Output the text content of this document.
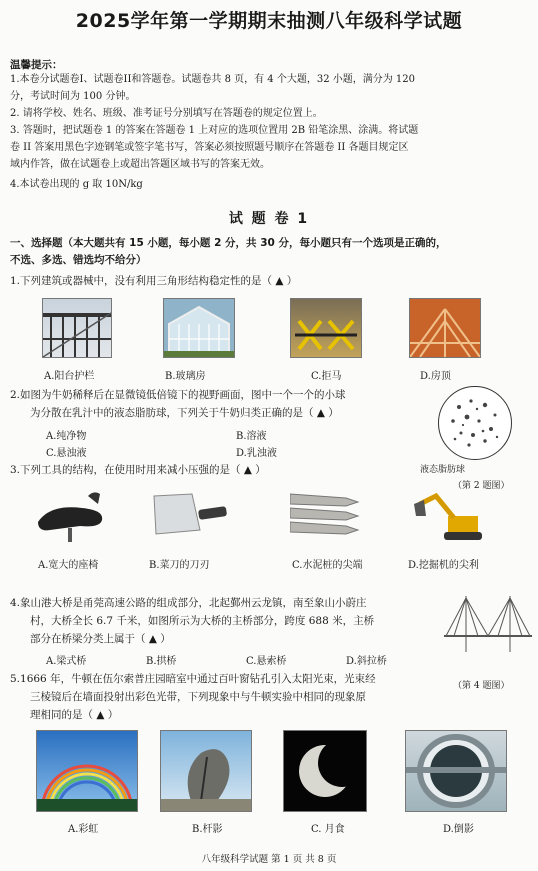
2025学年第一学期期末抽测八年级科学试题
温馨提示：
1.本卷分试题卷I、试题卷II和答题卷。试题卷共 8 页，有 4 个大题，32 小题，满分为 120
分，考试时间为 100 分钟。
2. 请将学校、姓名、班级、准考证号分别填写在答题卷的规定位置上。
3. 答题时，把试题卷 1 的答案在答题卷 1 上对应的选项位置用 2B 铅笔涂黑、涂满。将试题
卷 II 答案用黑色字迹钢笔或签字笔书写，答案必须按照题号顺序在答题卷 II 各题目规定区
域内作答，做在试题卷上或超出答题区域书写的答案无效。
4.本试卷出现的 g 取 10N/kg
试 题 卷 1
一、选择题（本大题共有 15 小题，每小题 2 分，共 30 分，每小题只有一个选项是正确的，
不选、多选、错选均不给分）
1.下列建筑或器械中，没有利用三角形结构稳定性的是（ ▲ ）
A.阳台护栏	B.玻璃房	C.拒马	D.房顶
2.如图为牛奶稀释后在显微镜低倍镜下的视野画面，图中一个一个的小球
为分散在乳汁中的液态脂肪球，下列关于牛奶归类正确的是（ ▲ ）
A.纯净物	B.溶液
C.悬浊液	D.乳浊液
液态脂肪球
（第 2 题图）
3.下列工具的结构，在使用时用来减小压强的是（ ▲ ）
A.宽大的座椅	B.菜刀的刀刃	C.水泥桩的尖端	D.挖掘机的尖利
4.象山港大桥是甬莞高速公路的组成部分，北起鄞州云龙镇，南至象山小蔚庄
村，大桥全长 6.7 千米，如图所示为大桥的主桥部分，跨度 688 米，主桥
部分在桥梁分类上属于（ ▲ ）
A.梁式桥	B.拱桥	C.悬索桥	D.斜拉桥
（第 4 题图）
5.1666 年，牛顿在伍尔索普庄园暗室中通过百叶窗钻孔引入太阳光束，光束经
三棱镜后在墙面投射出彩色光带，下列现象中与牛顿实验中相同的现象原
理相同的是（ ▲ ）
A.彩虹	B.杆影	C. 月食	D.倒影
八年级科学试题 第 1 页 共 8 页
